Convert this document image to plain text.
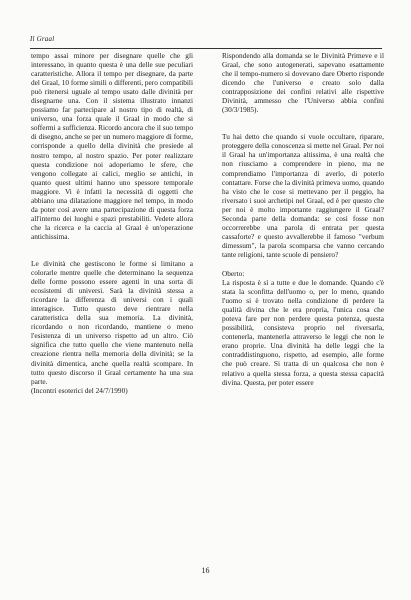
Il Graal

tempo assai minore per disegnare quelle che gli interessano, in quanto questa è una delle sue peculiari caratteristiche. Allora il tempo per disegnare, da parte del Graal, 10 forme simili o differenti, pero compatibili può ritenersi uguale al tempo usato dalle divinità per disegnarne una. Con il sistema illustrato innanzi possiamo far partecipare al nostro tipo di realtà, di universo, una forza quale il Graal in modo che si soffermi a sufficienza. Ricordo ancora che il suo tempo di disegno, anche se per un numero maggiore di forme, corrisponde a quello della divinità che presiede al nostro tempo, al nostro spazio. Per poter realizzare questa condizione noi adoperiamo le sfere, che vengono collegate ai calici, meglio se antichi, in quanto quest ultimi hanno uno spessore temporale maggiore. Vi è infatti la necessità di oggetti che abbiano una dilatazione maggiore nel tempo, in modo da poter così avere una partecipazione di questa forza all'interno dei luoghi e spazi prestabiliti. Vedete allora che la ricerca e la caccia al Graal è un'operazione antichissima.

Le divinità che gestiscono le forme si limitano a colorarle mentre quelle che determinano la sequenza delle forme possono essere agenti in una sorta di ecosistemi di universi. Sarà la divinità stessa a ricordare la differenza di universi con i quali interagisce. Tutto questo deve rientrare nella caratteristica della sua memoria. La divinità, ricordando o non ricordando, mantiene o meno l'esistenza di un universo rispetto ad un altro. Ciò significa che tutto quello che viene mantenuto nella creazione rientra nella memoria della divinità; se la divinità dimentica, anche quella realtà scompare. In tutto questo discorso il Graal certamente ha una sua parte.

(Incontri esoterici del 24/7/1990)

Rispondendo alla domanda se le Divinità Primeve e il Graal, che sono autogenerati, sapevano esattamente che il tempo-numero si dovevano dare Oberto risponde dicendo che l'universo e creato solo dalla contrapposizione dei confini relativi alle rispettive Divinità, ammesso che l'Universo abbia confini (30/3/1985).

Tu hai detto che quando si vuole occultare, riparare, proteggere della conoscenza si mette nel Graal. Per noi il Graal ha un'importanza altissima, è una realtà che non riusciamo a comprendere in pieno, ma ne comprendiamo l'importanza di averlo, di poterlo contattare. Forse che la divinità primeva uomo, quando ha visto che le cose si mettevano per il peggio, ha riversato i suoi archetipi nel Graal, ed è per questo che per noi è molto importante raggiungere il Graal? Seconda parte della domanda: se così fosse non occorrerebbe una parola di entrata per questa cassaforte? e questo avvallerebbe il famoso "verbum dimessum", la parola scomparsa che vanno cercando tante religioni, tante scuole di pensiero?

Oberto:

La risposta è sì a tutte e due le domande. Quando c'è stata la sconfitta dell'uomo o, per lo meno, quando l'uomo si è trovato nella condizione di perdere la qualità divina che le era propria, l'unica cosa che poteva fare per non perdere questa potenza, questa possibilità, consisteva proprio nel riversarla, contenerla, mantenerla attraverso le leggi che non le erano proprie. Una divinità ha delle leggi che la contraddistinguono, rispetto, ad esempio, alle forme che può creare. Si tratta di un qualcosa che non è relativo a quella stessa forza, a questa stessa capacità divina. Questa, per poter essere

16
